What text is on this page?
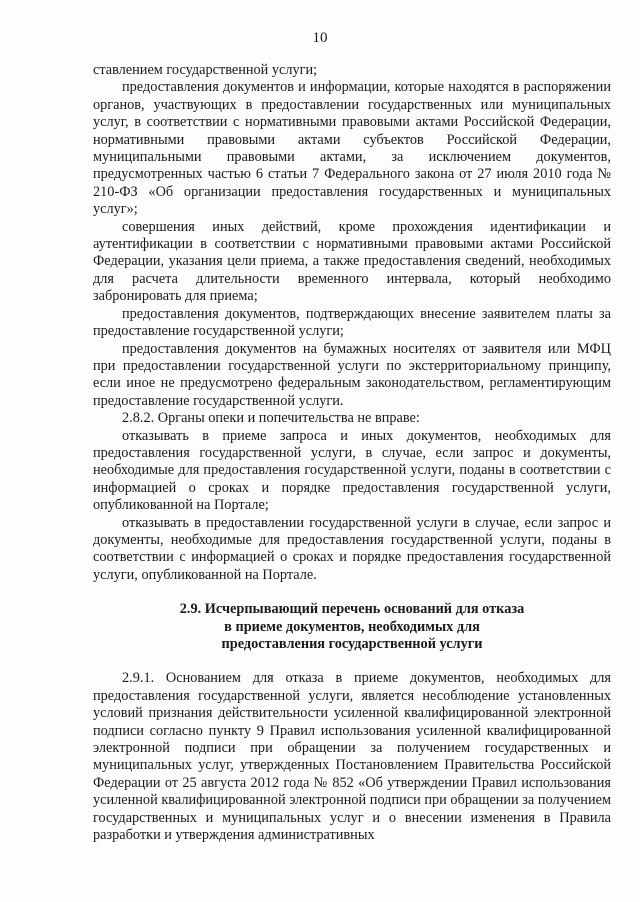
10

ставлением государственной услуги;

предоставления документов и информации, которые находятся в распоряжении органов, участвующих в предоставлении государственных или муниципальных услуг, в соответствии с нормативными правовыми актами Российской Федерации, нормативными правовыми актами субъектов Российской Федерации, муниципальными правовыми актами, за исключением документов, предусмотренных частью 6 статьи 7 Федерального закона от 27 июля 2010 года № 210-ФЗ «Об организации предоставления государственных и муниципальных услуг»;

совершения иных действий, кроме прохождения идентификации и аутентификации в соответствии с нормативными правовыми актами Российской Федерации, указания цели приема, а также предоставления сведений, необходимых для расчета длительности временного интервала, который необходимо забронировать для приема;

предоставления документов, подтверждающих внесение заявителем платы за предоставление государственной услуги;

предоставления документов на бумажных носителях от заявителя или МФЦ при предоставлении государственной услуги по экстерриториальному принципу, если иное не предусмотрено федеральным законодательством, регламентирующим предоставление государственной услуги.

2.8.2. Органы опеки и попечительства не вправе:

отказывать в приеме запроса и иных документов, необходимых для предоставления государственной услуги, в случае, если запрос и документы, необходимые для предоставления государственной услуги, поданы в соответствии с информацией о сроках и порядке предоставления государственной услуги, опубликованной на Портале;

отказывать в предоставлении государственной услуги в случае, если запрос и документы, необходимые для предоставления государственной услуги, поданы в соответствии с информацией о сроках и порядке предоставления государственной услуги, опубликованной на Портале.

2.9. Исчерпывающий перечень оснований для отказа
в приеме документов, необходимых для
предоставления государственной услуги

2.9.1. Основанием для отказа в приеме документов, необходимых для предоставления государственной услуги, является несоблюдение установленных условий признания действительности усиленной квалифицированной электронной подписи согласно пункту 9 Правил использования усиленной квалифицированной электронной подписи при обращении за получением государственных и муниципальных услуг, утвержденных Постановлением Правительства Российской Федерации от 25 августа 2012 года № 852 «Об утверждении Правил использования усиленной квалифицированной электронной подписи при обращении за получением государственных и муниципальных услуг и о внесении изменения в Правила разработки и утверждения административных
